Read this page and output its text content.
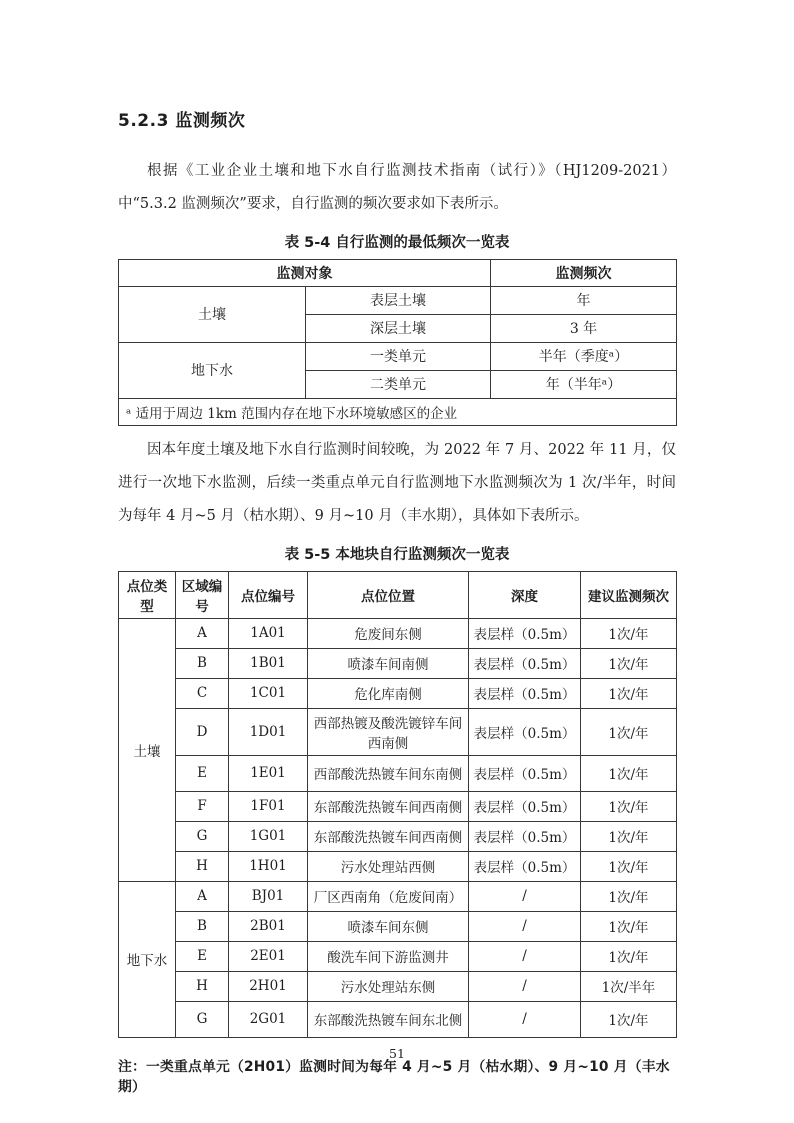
5.2.3 监测频次

根据《工业企业土壤和地下水自行监测技术指南（试行）》（HJ1209-2021）中“5.3.2 监测频次”要求，自行监测的频次要求如下表所示。

表 5-4 自行监测的最低频次一览表
监测对象		监测频次
土壤	表层土壤	年
	深层土壤	3 年
地下水	一类单元	半年（季度ᵃ）
	二类单元	年（半年ᵃ）
ᵃ 适用于周边 1km 范围内存在地下水环境敏感区的企业		

因本年度土壤及地下水自行监测时间较晚，为 2022 年 7 月、2022 年 11 月，仅进行一次地下水监测，后续一类重点单元自行监测地下水监测频次为 1 次/半年，时间为每年 4 月~5 月（枯水期）、9 月~10 月（丰水期），具体如下表所示。

表 5-5 本地块自行监测频次一览表
点位类型	区域编号	点位编号	点位位置	深度	建议监测频次
土壤	A	1A01	危废间东侧	表层样（0.5m）	1次/年
	B	1B01	喷漆车间南侧	表层样（0.5m）	1次/年
	C	1C01	危化库南侧	表层样（0.5m）	1次/年
	D	1D01	西部热镀及酸洗镀锌车间西南侧	表层样（0.5m）	1次/年
	E	1E01	西部酸洗热镀车间东南侧	表层样（0.5m）	1次/年
	F	1F01	东部酸洗热镀车间西南侧	表层样（0.5m）	1次/年
	G	1G01	东部酸洗热镀车间西南侧	表层样（0.5m）	1次/年
	H	1H01	污水处理站西侧	表层样（0.5m）	1次/年
地下水	A	BJ01	厂区西南角（危废间南）	/	1次/年
	B	2B01	喷漆车间东侧	/	1次/年
	E	2E01	酸洗车间下游监测井	/	1次/年
	H	2H01	污水处理站东侧	/	1次/半年
	G	2G01	东部酸洗热镀车间东北侧	/	1次/年
注：一类重点单元（2H01）监测时间为每年 4 月~5 月（枯水期）、9 月~10 月（丰水期）
51
